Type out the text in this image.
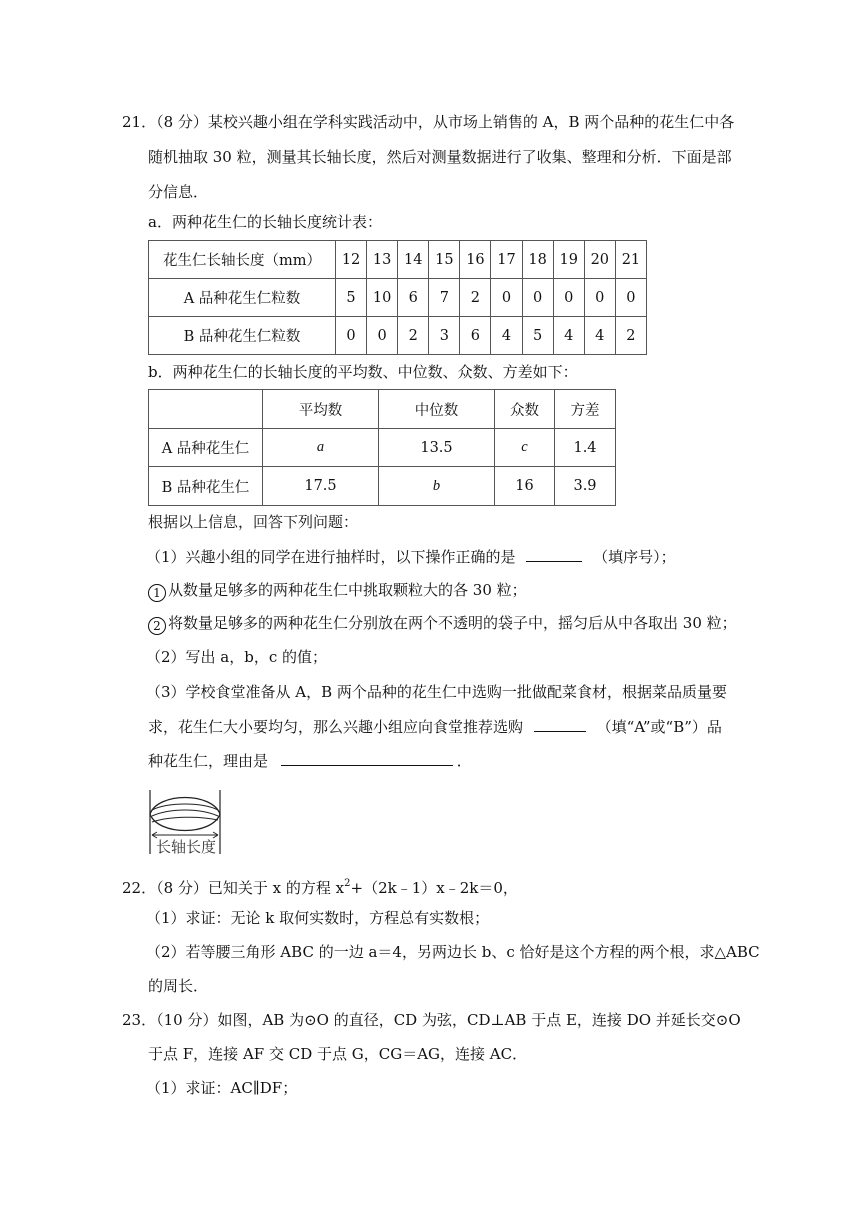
21．（8 分）某校兴趣小组在学科实践活动中，从市场上销售的 A，B 两个品种的花生仁中各
随机抽取 30 粒，测量其长轴长度，然后对测量数据进行了收集、整理和分析．下面是部
分信息．
a．两种花生仁的长轴长度统计表：
花生仁长轴长度（mm）	12	13	14	15	16	17	18	19	20	21
A 品种花生仁粒数	5	10	6	7	2	0	0	0	0	0
B 品种花生仁粒数	0	0	2	3	6	4	5	4	4	2
b．两种花生仁的长轴长度的平均数、中位数、众数、方差如下：
	平均数	中位数	众数	方差
A 品种花生仁	a	13.5	c	1.4
B 品种花生仁	17.5	b	16	3.9
根据以上信息，回答下列问题：
（1）兴趣小组的同学在进行抽样时，以下操作正确的是	（填序号）；
1 从数量足够多的两种花生仁中挑取颗粒大的各 30 粒；
2 将数量足够多的两种花生仁分别放在两个不透明的袋子中，摇匀后从中各取出 30 粒；
（2）写出 a，b，c 的值；
（3）学校食堂准备从 A，B 两个品种的花生仁中选购一批做配菜食材，根据菜品质量要
求，花生仁大小要均匀，那么兴趣小组应向食堂推荐选购	（填“A”或“B”）品
种花生仁，理由是	．
长轴长度
22．（8 分）已知关于 x 的方程 $x^2+(2k﹣1)x﹣2k=0$，
（1）求证：无论 k 取何实数时，方程总有实数根；
（2）若等腰三角形 ABC 的一边 a＝4，另两边长 b、c 恰好是这个方程的两个根，求△ABC
的周长．
23．（10 分）如图，AB 为⊙O 的直径，CD 为弦，CD⊥AB 于点 E，连接 DO 并延长交⊙O
于点 F，连接 AF 交 CD 于点 G，CG＝AG，连接 AC．
（1）求证：AC∥DF；
